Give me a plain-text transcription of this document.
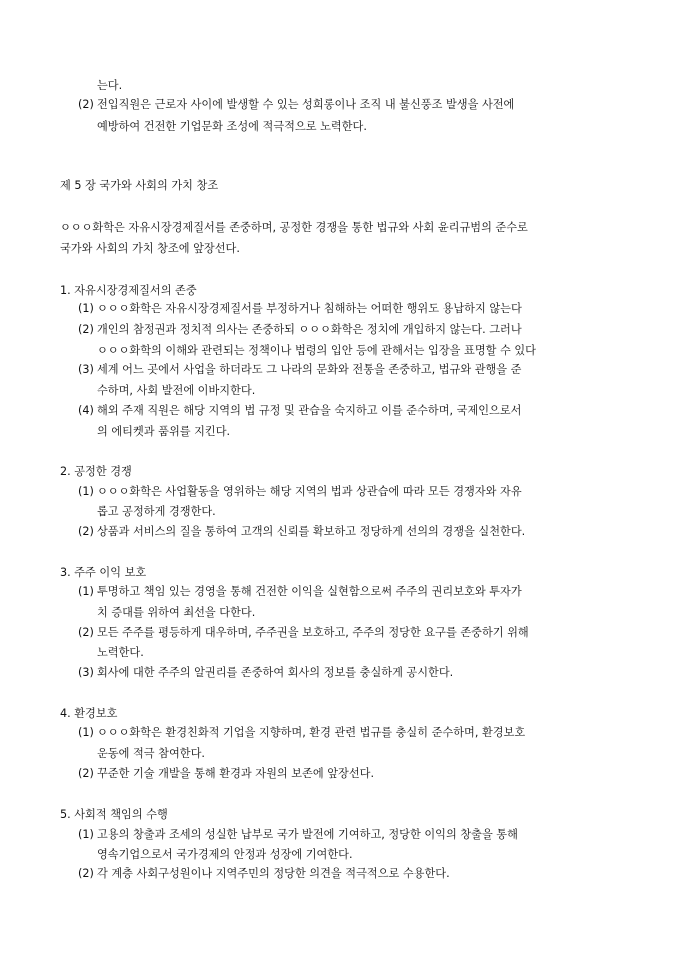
는다.
(2) 전입직원은 근로자 사이에 발생할 수 있는 성희롱이나 조직 내 불신풍조 발생을 사전에
예방하여 건전한 기업문화 조성에 적극적으로 노력한다.
제 5 장 국가와 사회의 가치 창조
ㅇㅇㅇ화학은 자유시장경제질서를 존중하며, 공정한 경쟁을 통한 법규와 사회 윤리규범의 준수로
국가와 사회의 가치 창조에 앞장선다.
1. 자유시장경제질서의 존중
(1) ㅇㅇㅇ화학은 자유시장경제질서를 부정하거나 침해하는 어떠한 행위도 용납하지 않는다
(2) 개인의 참정권과 정치적 의사는 존중하되 ㅇㅇㅇ화학은 정치에 개입하지 않는다. 그러나
ㅇㅇㅇ화학의 이해와 관련되는 정책이나 법령의 입안 등에 관해서는 입장을 표명할 수 있다
(3) 세계 어느 곳에서 사업을 하더라도 그 나라의 문화와 전통을 존중하고, 법규와 관행을 준
수하며, 사회 발전에 이바지한다.
(4) 해외 주재 직원은 해당 지역의 법 규정 및 관습을 숙지하고 이를 준수하며, 국제인으로서
의 에티켓과 품위를 지킨다.
2. 공정한 경쟁
(1) ㅇㅇㅇ화학은 사업활동을 영위하는 해당 지역의 법과 상관습에 따라 모든 경쟁자와 자유
롭고 공정하게 경쟁한다.
(2) 상품과 서비스의 질을 통하여 고객의 신뢰를 확보하고 정당하게 선의의 경쟁을 실천한다.
3. 주주 이익 보호
(1) 투명하고 책임 있는 경영을 통해 건전한 이익을 실현함으로써 주주의 권리보호와 투자가
치 증대를 위하여 최선을 다한다.
(2) 모든 주주를 평등하게 대우하며, 주주권을 보호하고, 주주의 정당한 요구를 존중하기 위해
노력한다.
(3) 회사에 대한 주주의 알권리를 존중하여 회사의 정보를 충실하게 공시한다.
4. 환경보호
(1) ㅇㅇㅇ화학은 환경친화적 기업을 지향하며, 환경 관련 법규를 충실히 준수하며, 환경보호
운동에 적극 참여한다.
(2) 꾸준한 기술 개발을 통해 환경과 자원의 보존에 앞장선다.
5. 사회적 책임의 수행
(1) 고용의 창출과 조세의 성실한 납부로 국가 발전에 기여하고, 정당한 이익의 창출을 통해
영속기업으로서 국가경제의 안정과 성장에 기여한다.
(2) 각 계층 사회구성원이나 지역주민의 정당한 의견을 적극적으로 수용한다.
